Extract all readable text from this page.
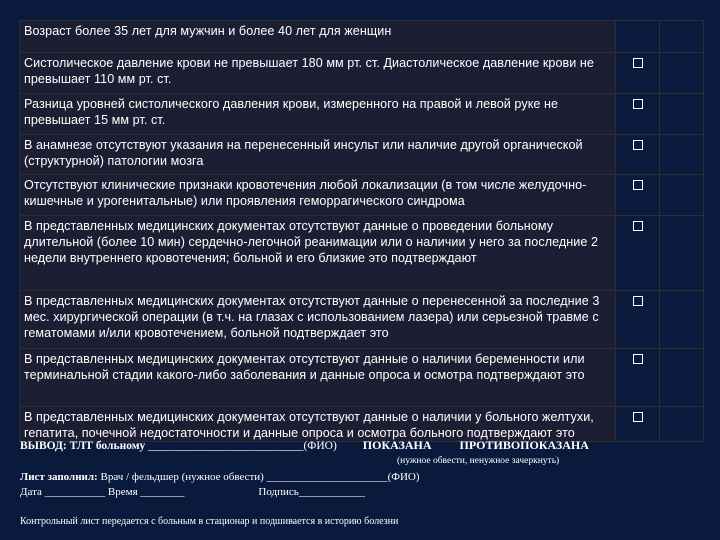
Возраст более 35 лет для мужчин и более 40 лет для женщин		
Систолическое давление крови не превышает 180 мм рт. ст. Диастолическое давление крови не превышает 110 мм рт. ст.		
Разница уровней систолического давления крови, измеренного на правой и левой руке не превышает 15 мм рт. ст.		
В анамнезе отсутствуют указания на перенесенный инсульт или наличие другой органической (структурной) патологии мозга		
Отсутствуют клинические признаки кровотечения любой локализации (в том числе желудочно-кишечные и урогенитальные) или проявления геморрагического синдрома		
В представленных медицинских документах отсутствуют данные о проведении больному длительной (более 10 мин) сердечно-легочной реанимации или о наличии у него за последние 2 недели внутреннего кровотечения; больной и его близкие это подтверждают		
В представленных медицинских документах отсутствуют данные о перенесенной за последние 3 мес. хирургической операции (в т.ч. на глазах с использованием лазера) или серьезной травме с гематомами и/или кровотечением, больной подтверждает это		
В представленных медицинских документах отсутствуют данные о наличии беременности или терминальной стадии какого-либо заболевания и данные опроса и осмотра подтверждают это		
В представленных медицинских документах отсутствуют данные о наличии у больного желтухи, гепатита, почечной недостаточности и данные опроса и осмотра больного подтверждают это		
ВЫВОД: ТЛТ больному ___________________________(ФИО) ПОКАЗАНА ПРОТИВОПОКАЗАНА
(нужное обвести, ненужное зачеркнуть)
Лист заполнил: Врач / фельдшер (нужное обвести) ______________________(ФИО)
Дата ___________ Время ________	Подпись____________
Контрольный лист передается с больным в стационар и подшивается в историю болезни
